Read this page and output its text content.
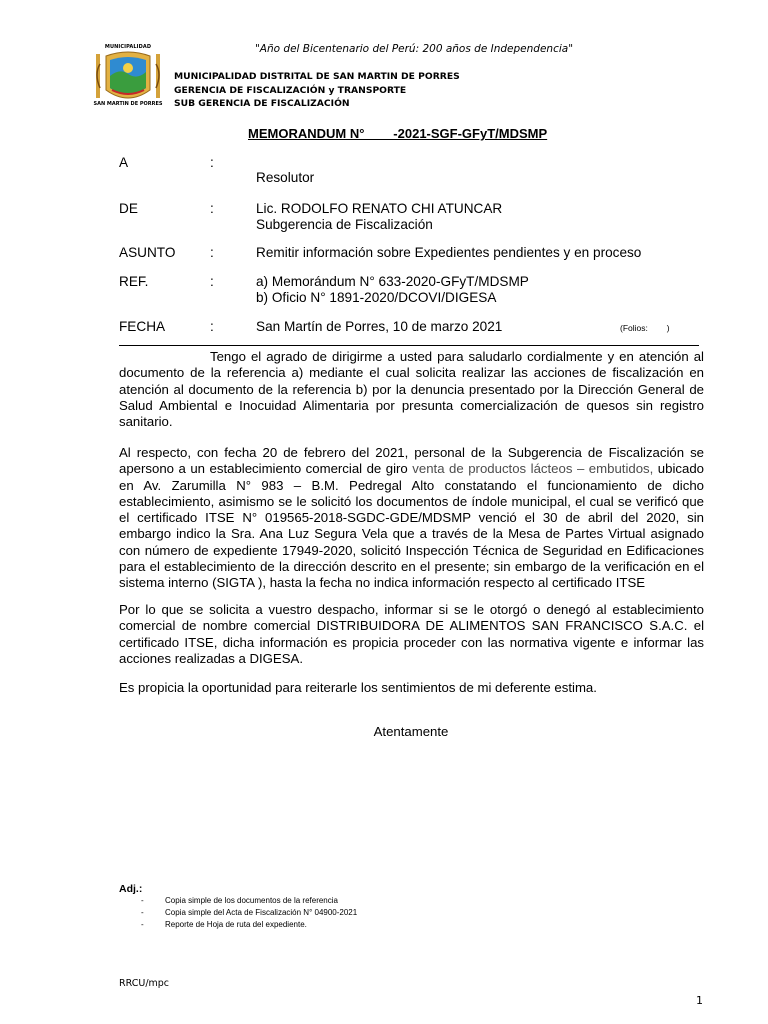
"Año del Bicentenario del Perú: 200 años de Independencia"
MUNICIPALIDAD
SAN MARTIN DE PORRES
MUNICIPALIDAD DISTRITAL DE SAN MARTIN DE PORRES
GERENCIA DE FISCALIZACIÓN y TRANSPORTE
SUB GERENCIA DE FISCALIZACIÓN
MEMORANDUM N°        -2021-SGF-GFyT/MDSMP
A	:
Resolutor
DE	:	Lic. RODOLFO RENATO CHI ATUNCAR
Subgerencia de Fiscalización
ASUNTO	:	Remitir información sobre Expedientes pendientes y en proceso
REF.	:	a) Memorándum N° 633-2020-GFyT/MDSMP
b) Oficio N° 1891-2020/DCOVI/DIGESA
FECHA	:	San Martín de Porres, 10 de marzo 2021	(Folios:        )
Tengo el agrado de dirigirme a usted para saludarlo cordialmente y en atención al documento de la referencia a) mediante el cual solicita realizar las acciones de fiscalización en atención al documento de la referencia b) por la denuncia presentado por la Dirección General de Salud Ambiental e Inocuidad Alimentaria por presunta comercialización de quesos sin registro sanitario.
Al respecto, con fecha 20 de febrero del 2021, personal de la Subgerencia de Fiscalización se apersono a un establecimiento comercial de giro venta de productos lácteos – embutidos, ubicado en Av. Zarumilla N° 983 – B.M. Pedregal Alto constatando el funcionamiento de dicho establecimiento, asimismo se le solicitó los documentos de índole municipal, el cual se verificó que el certificado ITSE N° 019565-2018-SGDC-GDE/MDSMP venció el 30 de abril del 2020, sin embargo indico la Sra. Ana Luz Segura Vela que a través de la Mesa de Partes Virtual asignado con número de expediente 17949-2020, solicitó Inspección Técnica de Seguridad en Edificaciones para el establecimiento de la dirección descrito en el presente; sin embargo de la verificación en el sistema interno (SIGTA ), hasta la fecha no indica información respecto al certificado ITSE
Por lo que se solicita a vuestro despacho, informar si se le otorgó o denegó al establecimiento comercial de nombre comercial DISTRIBUIDORA DE ALIMENTOS SAN FRANCISCO S.A.C. el certificado ITSE, dicha información es propicia proceder con las normativa vigente e informar las acciones realizadas a DIGESA.
Es propicia la oportunidad para reiterarle los sentimientos de mi deferente estima.
Atentamente
Adj.:
-	Copia simple de los documentos de la referencia
-	Copia simple del Acta de Fiscalización N° 04900-2021
-	Reporte de Hoja de ruta del expediente.
RRCU/mpc
1
